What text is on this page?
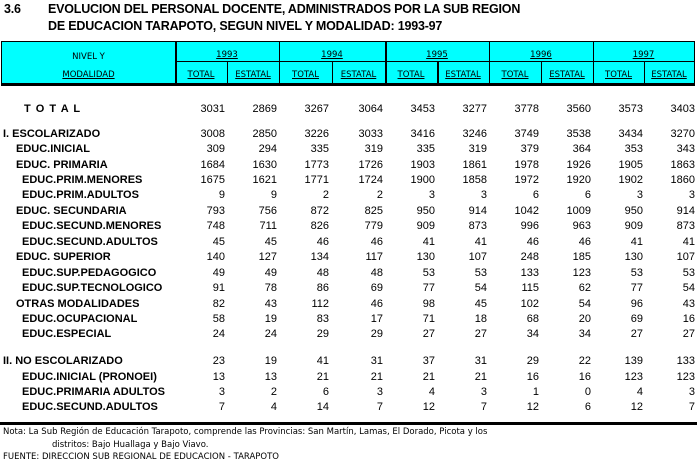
3.6 EVOLUCION DEL PERSONAL DOCENTE, ADMINISTRADOS POR LA SUB REGION
DE EDUCACION TARAPOTO, SEGUN NIVEL Y MODALIDAD: 1993-97
NIVEL Y
MODALIDAD
1993
TOTAL	ESTATAL
1994
TOTAL	ESTATAL
1995
TOTAL	ESTATAL
1996
TOTAL	ESTATAL
1997
TOTAL	ESTATAL
T O T A L	3031	2869	3267	3064	3453	3277	3778	3560	3573	3403
I. ESCOLARIZADO	3008	2850	3226	3033	3416	3246	3749	3538	3434	3270
EDUC.INICIAL	309	294	335	319	335	319	379	364	353	343
EDUC. PRIMARIA	1684	1630	1773	1726	1903	1861	1978	1926	1905	1863
EDUC.PRIM.MENORES	1675	1621	1771	1724	1900	1858	1972	1920	1902	1860
EDUC.PRIM.ADULTOS	9	9	2	2	3	3	6	6	3	3
EDUC. SECUNDARIA	793	756	872	825	950	914	1042	1009	950	914
EDUC.SECUND.MENORES	748	711	826	779	909	873	996	963	909	873
EDUC.SECUND.ADULTOS	45	45	46	46	41	41	46	46	41	41
EDUC. SUPERIOR	140	127	134	117	130	107	248	185	130	107
EDUC.SUP.PEDAGOGICO	49	49	48	48	53	53	133	123	53	53
EDUC.SUP.TECNOLOGICO	91	78	86	69	77	54	115	62	77	54
OTRAS MODALIDADES	82	43	112	46	98	45	102	54	96	43
EDUC.OCUPACIONAL	58	19	83	17	71	18	68	20	69	16
EDUC.ESPECIAL	24	24	29	29	27	27	34	34	27	27
II. NO ESCOLARIZADO	23	19	41	31	37	31	29	22	139	133
EDUC.INICIAL (PRONOEI)	13	13	21	21	21	21	16	16	123	123
EDUC.PRIMARIA ADULTOS	3	2	6	3	4	3	1	0	4	3
EDUC.SECUND.ADULTOS	7	4	14	7	12	7	12	6	12	7
Nota: La Sub Región de Educación Tarapoto, comprende las Provincias: San Martín, Lamas, El Dorado, Picota y los
distritos: Bajo Huallaga y Bajo Viavo.
FUENTE: DIRECCION SUB REGIONAL DE EDUCACION - TARAPOTO
